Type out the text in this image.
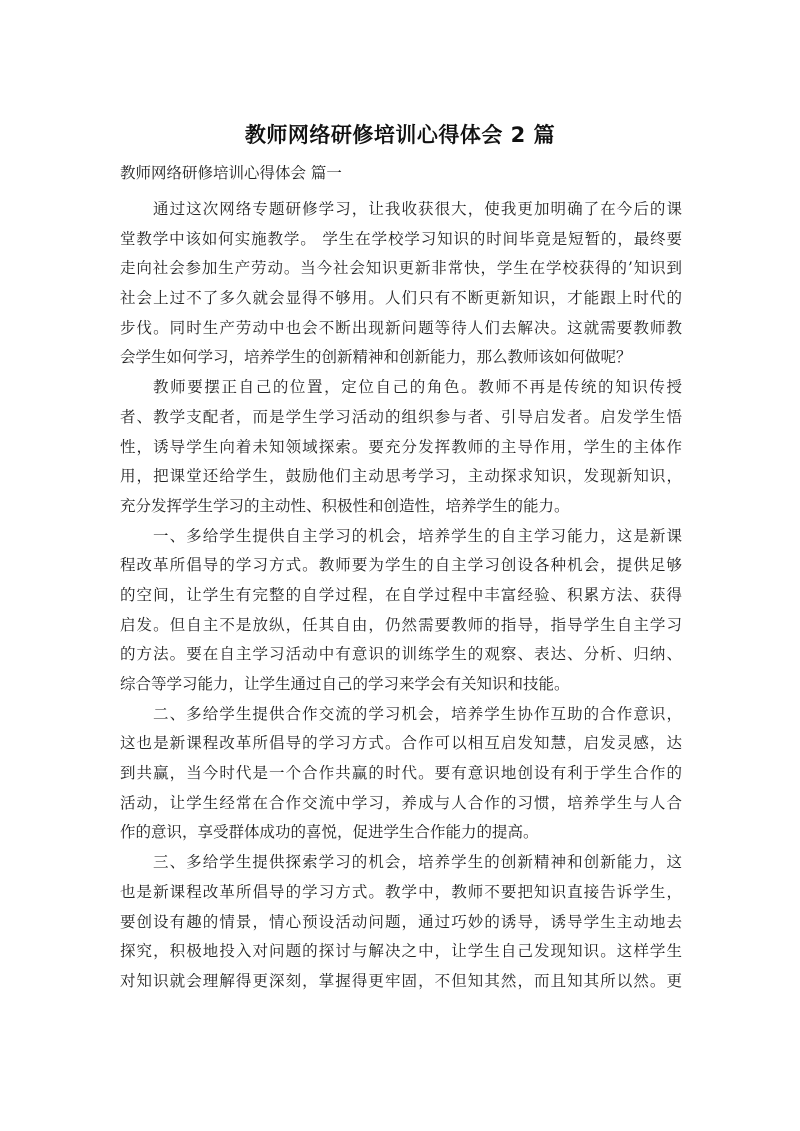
教师网络研修培训心得体会 2 篇
教师网络研修培训心得体会 篇一
通过这次网络专题研修学习，让我收获很大，使我更加明确了在今后的课
堂教学中该如何实施教学。 学生在学校学习知识的时间毕竟是短暂的，最终要
走向社会参加生产劳动。当今社会知识更新非常快，学生在学校获得的’知识到
社会上过不了多久就会显得不够用。人们只有不断更新知识，才能跟上时代的
步伐。同时生产劳动中也会不断出现新问题等待人们去解决。这就需要教师教
会学生如何学习，培养学生的创新精神和创新能力，那么教师该如何做呢？
教师要摆正自己的位置，定位自己的角色。教师不再是传统的知识传授
者、教学支配者，而是学生学习活动的组织参与者、引导启发者。启发学生悟
性，诱导学生向着未知领域探索。要充分发挥教师的主导作用，学生的主体作
用，把课堂还给学生，鼓励他们主动思考学习，主动探求知识，发现新知识，
充分发挥学生学习的主动性、积极性和创造性，培养学生的能力。
一、多给学生提供自主学习的机会，培养学生的自主学习能力，这是新课
程改革所倡导的学习方式。教师要为学生的自主学习创设各种机会，提供足够
的空间，让学生有完整的自学过程，在自学过程中丰富经验、积累方法、获得
启发。但自主不是放纵，任其自由，仍然需要教师的指导，指导学生自主学习
的方法。要在自主学习活动中有意识的训练学生的观察、表达、分析、归纳、
综合等学习能力，让学生通过自己的学习来学会有关知识和技能。
二、多给学生提供合作交流的学习机会，培养学生协作互助的合作意识，
这也是新课程改革所倡导的学习方式。合作可以相互启发知慧，启发灵感，达
到共赢，当今时代是一个合作共赢的时代。要有意识地创设有利于学生合作的
活动，让学生经常在合作交流中学习，养成与人合作的习惯，培养学生与人合
作的意识，享受群体成功的喜悦，促进学生合作能力的提高。
三、多给学生提供探索学习的机会，培养学生的创新精神和创新能力，这
也是新课程改革所倡导的学习方式。教学中，教师不要把知识直接告诉学生，
要创设有趣的情景，情心预设活动问题，通过巧妙的诱导，诱导学生主动地去
探究，积极地投入对问题的探讨与解决之中，让学生自己发现知识。这样学生
对知识就会理解得更深刻，掌握得更牢固，不但知其然，而且知其所以然。更
